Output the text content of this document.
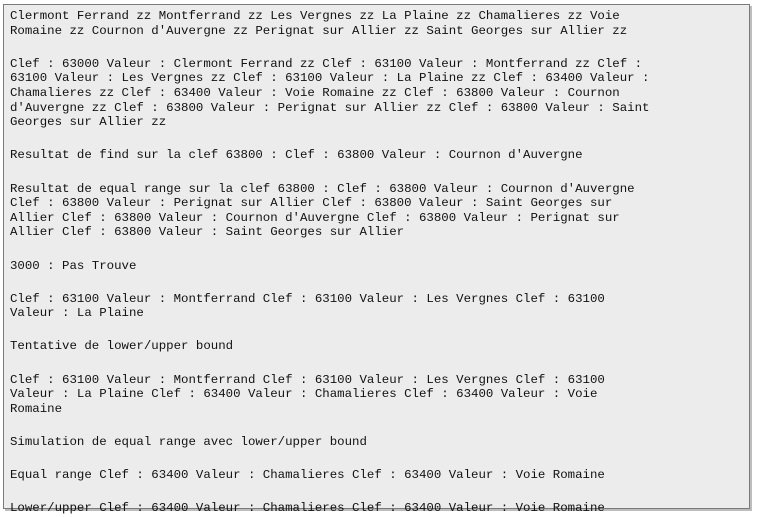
Clermont Ferrand zz Montferrand zz Les Vergnes zz La Plaine zz Chamalieres zz Voie
Romaine zz Cournon d'Auvergne zz Perignat sur Allier zz Saint Georges sur Allier zz

Clef : 63000 Valeur : Clermont Ferrand zz Clef : 63100 Valeur : Montferrand zz Clef :
63100 Valeur : Les Vergnes zz Clef : 63100 Valeur : La Plaine zz Clef : 63400 Valeur :
Chamalieres zz Clef : 63400 Valeur : Voie Romaine zz Clef : 63800 Valeur : Cournon
d'Auvergne zz Clef : 63800 Valeur : Perignat sur Allier zz Clef : 63800 Valeur : Saint
Georges sur Allier zz

Resultat de find sur la clef 63800 : Clef : 63800 Valeur : Cournon d'Auvergne

Resultat de equal range sur la clef 63800 : Clef : 63800 Valeur : Cournon d'Auvergne
Clef : 63800 Valeur : Perignat sur Allier Clef : 63800 Valeur : Saint Georges sur
Allier Clef : 63800 Valeur : Cournon d'Auvergne Clef : 63800 Valeur : Perignat sur
Allier Clef : 63800 Valeur : Saint Georges sur Allier

3000 : Pas Trouve

Clef : 63100 Valeur : Montferrand Clef : 63100 Valeur : Les Vergnes Clef : 63100
Valeur : La Plaine

Tentative de lower/upper bound

Clef : 63100 Valeur : Montferrand Clef : 63100 Valeur : Les Vergnes Clef : 63100
Valeur : La Plaine Clef : 63400 Valeur : Chamalieres Clef : 63400 Valeur : Voie
Romaine

Simulation de equal range avec lower/upper bound

Equal range Clef : 63400 Valeur : Chamalieres Clef : 63400 Valeur : Voie Romaine

Lower/upper Clef : 63400 Valeur : Chamalieres Clef : 63400 Valeur : Voie Romaine
